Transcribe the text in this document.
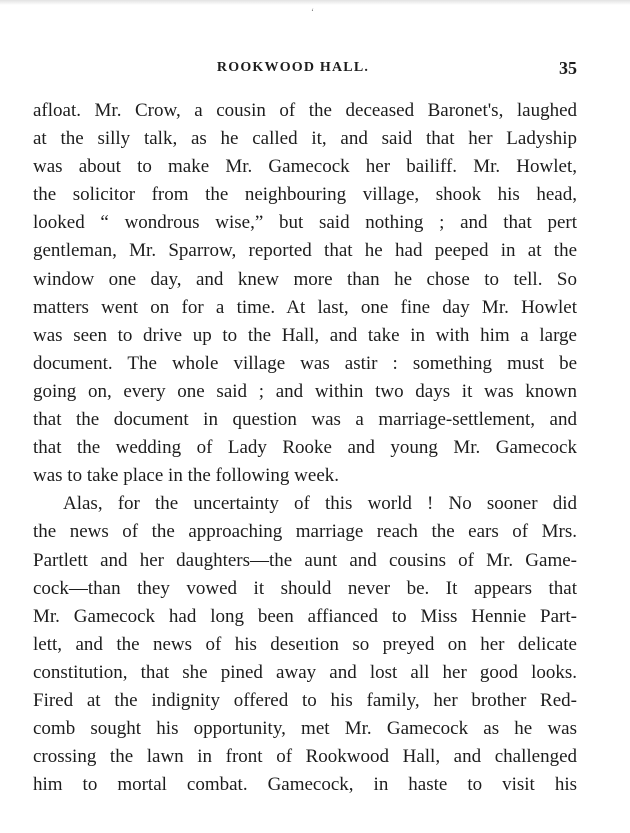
‘
ROOKWOOD HALL.	35
afloat. Mr. Crow, a cousin of the deceased Baronet's, laughed
at the silly talk, as he called it, and said that her Ladyship
was about to make Mr. Gamecock her bailiff. Mr. Howlet,
the solicitor from the neighbouring village, shook his head,
looked “ wondrous wise,” but said nothing ; and that pert
gentleman, Mr. Sparrow, reported that he had peeped in at the
window one day, and knew more than he chose to tell. So
matters went on for a time. At last, one fine day Mr. Howlet
was seen to drive up to the Hall, and take in with him a large
document. The whole village was astir : something must be
going on, every one said ; and within two days it was known
that the document in question was a marriage-settlement, and
that the wedding of Lady Rooke and young Mr. Gamecock
was to take place in the following week.
Alas, for the uncertainty of this world ! No sooner did
the news of the approaching marriage reach the ears of Mrs.
Partlett and her daughters—the aunt and cousins of Mr. Game-
cock—than they vowed it should never be. It appears that
Mr. Gamecock had long been affianced to Miss Hennie Part-
lett, and the news of his deseıtion so preyed on her delicate
constitution, that she pined away and lost all her good looks.
Fired at the indignity offered to his family, her brother Red-
comb sought his opportunity, met Mr. Gamecock as he was
crossing the lawn in front of Rookwood Hall, and challenged
him to mortal combat. Gamecock, in haste to visit his
